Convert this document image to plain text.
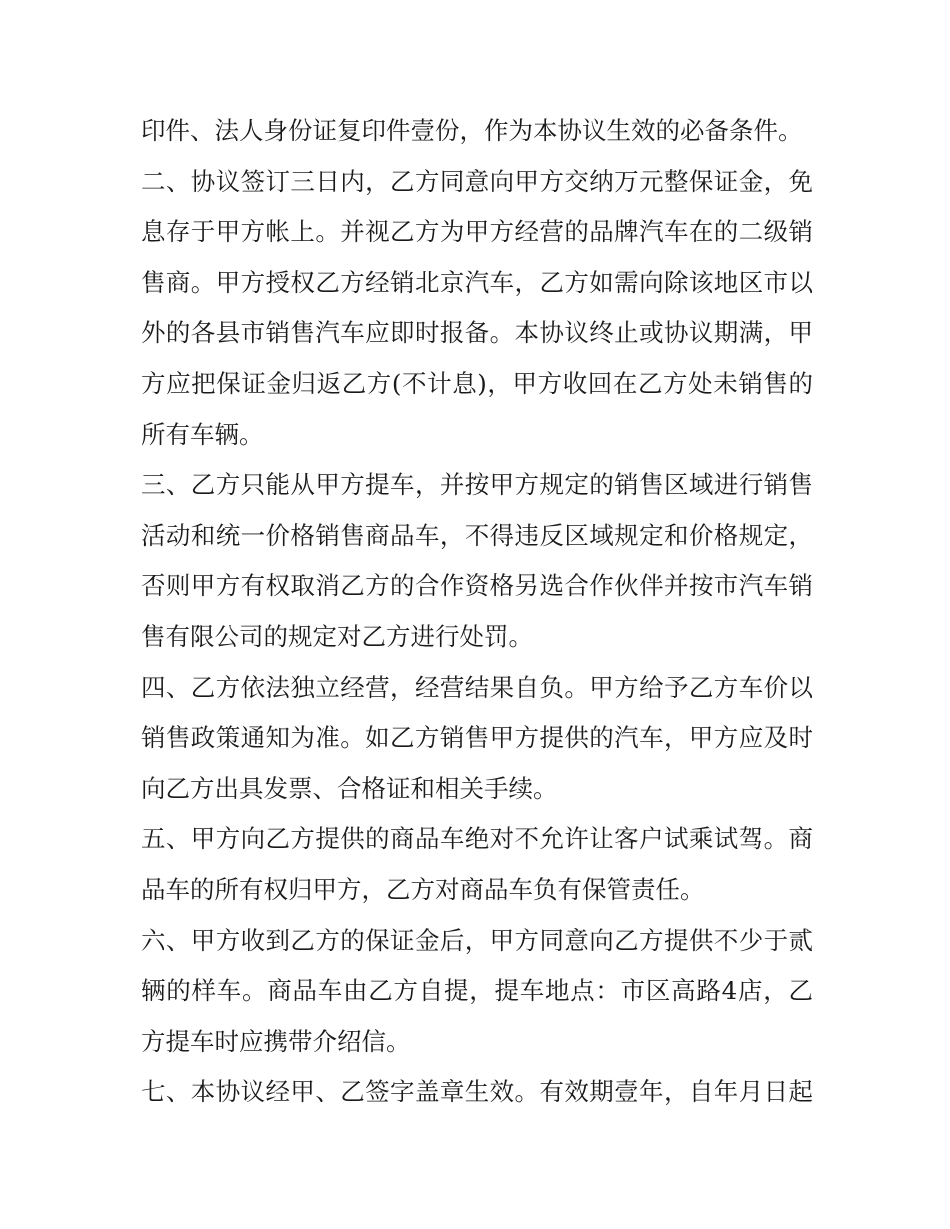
印件、法人身份证复印件壹份，作为本协议生效的必备条件。
二、协议签订三日内，乙方同意向甲方交纳万元整保证金，免
息存于甲方帐上。并视乙方为甲方经营的品牌汽车在的二级销
售商。甲方授权乙方经销北京汽车，乙方如需向除该地区市以
外的各县市销售汽车应即时报备。本协议终止或协议期满，甲
方应把保证金归返乙方(不计息)，甲方收回在乙方处未销售的
所有车辆。
三、乙方只能从甲方提车，并按甲方规定的销售区域进行销售
活动和统一价格销售商品车，不得违反区域规定和价格规定，
否则甲方有权取消乙方的合作资格另选合作伙伴并按市汽车销
售有限公司的规定对乙方进行处罚。
四、乙方依法独立经营，经营结果自负。甲方给予乙方车价以
销售政策通知为准。如乙方销售甲方提供的汽车，甲方应及时
向乙方出具发票、合格证和相关手续。
五、甲方向乙方提供的商品车绝对不允许让客户试乘试驾。商
品车的所有权归甲方，乙方对商品车负有保管责任。
六、甲方收到乙方的保证金后，甲方同意向乙方提供不少于贰
辆的样车。商品车由乙方自提，提车地点：市区高路4店，乙
方提车时应携带介绍信。
七、本协议经甲、乙签字盖章生效。有效期壹年，自年月日起
